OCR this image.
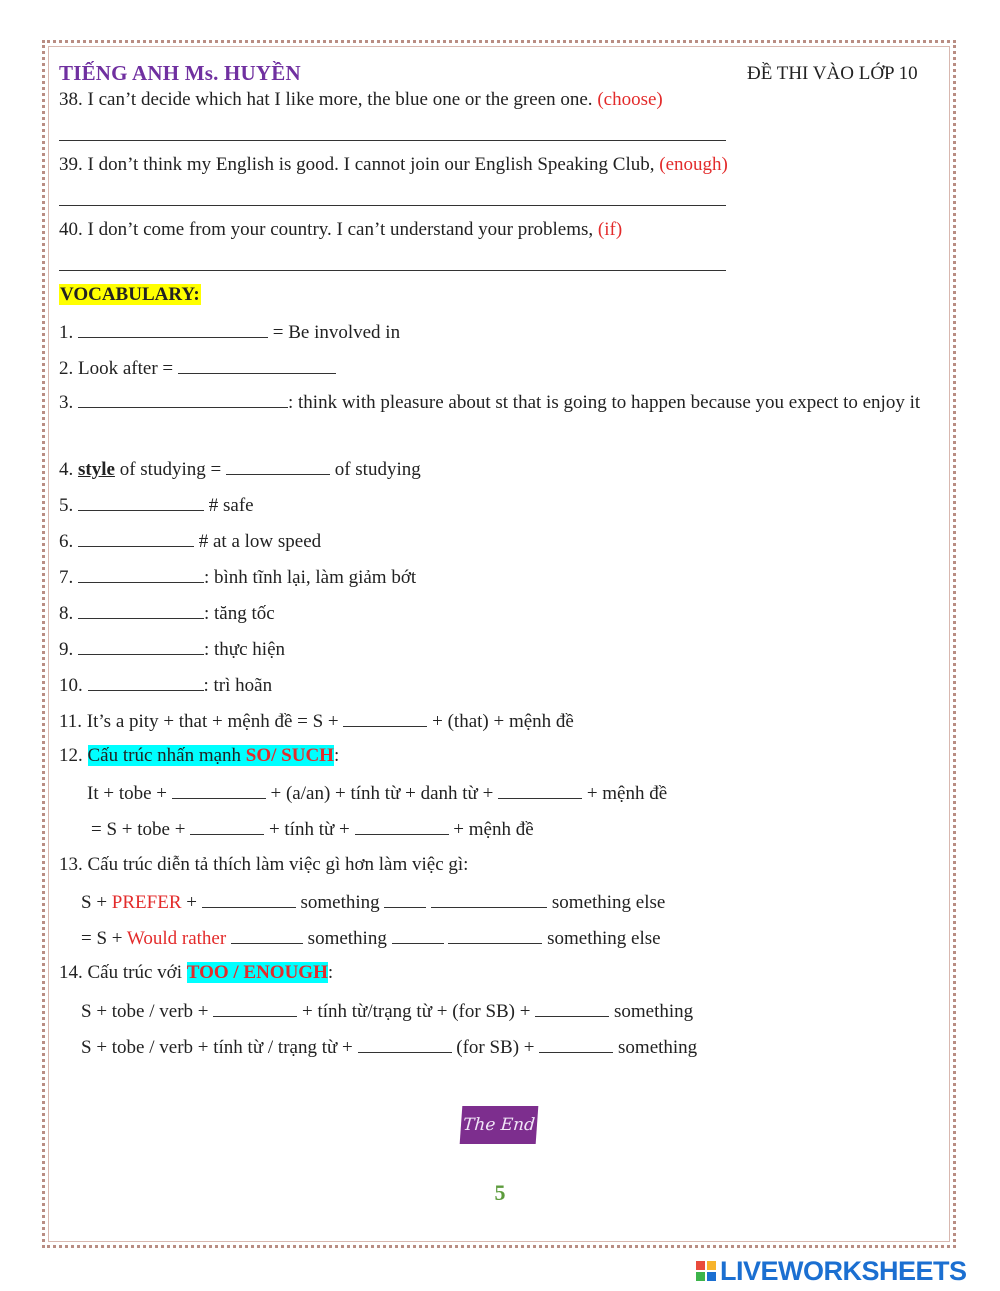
TIẾNG ANH Ms. HUYỀN	ĐỀ THI VÀO LỚP 10
38. I can’t decide which hat I like more, the blue one or the green one. (choose)
39. I don’t think my English is good. I cannot join our English Speaking Club, (enough)
40. I don’t come from your country. I can’t understand your problems, (if)
VOCABULARY:
1.	= Be involved in
2. Look after =
3.	: think with pleasure about st that is going to happen because you expect to enjoy it
4. style of studying =	of studying
5.	# safe
6.	# at a low speed
7.	: bình tĩnh lại, làm giảm bớt
8.	: tăng tốc
9.	: thực hiện
10.	: trì hoãn
11. It’s a pity + that + mệnh đề = S +	+ (that) + mệnh đề
12. Cấu trúc nhấn mạnh SO/ SUCH:
It + tobe +	+ (a/an) + tính từ + danh từ +	+ mệnh đề
= S + tobe +	+ tính từ +	+ mệnh đề
13. Cấu trúc diễn tả thích làm việc gì hơn làm việc gì:
S + PREFER +	something	something else
= S + Would rather	something	something else
14. Cấu trúc với TOO / ENOUGH:
S + tobe / verb +	+ tính từ/trạng từ + (for SB) +	something
S + tobe / verb + tính từ / trạng từ +	(for SB) +	something
The End
5
LIVEWORKSHEETS
